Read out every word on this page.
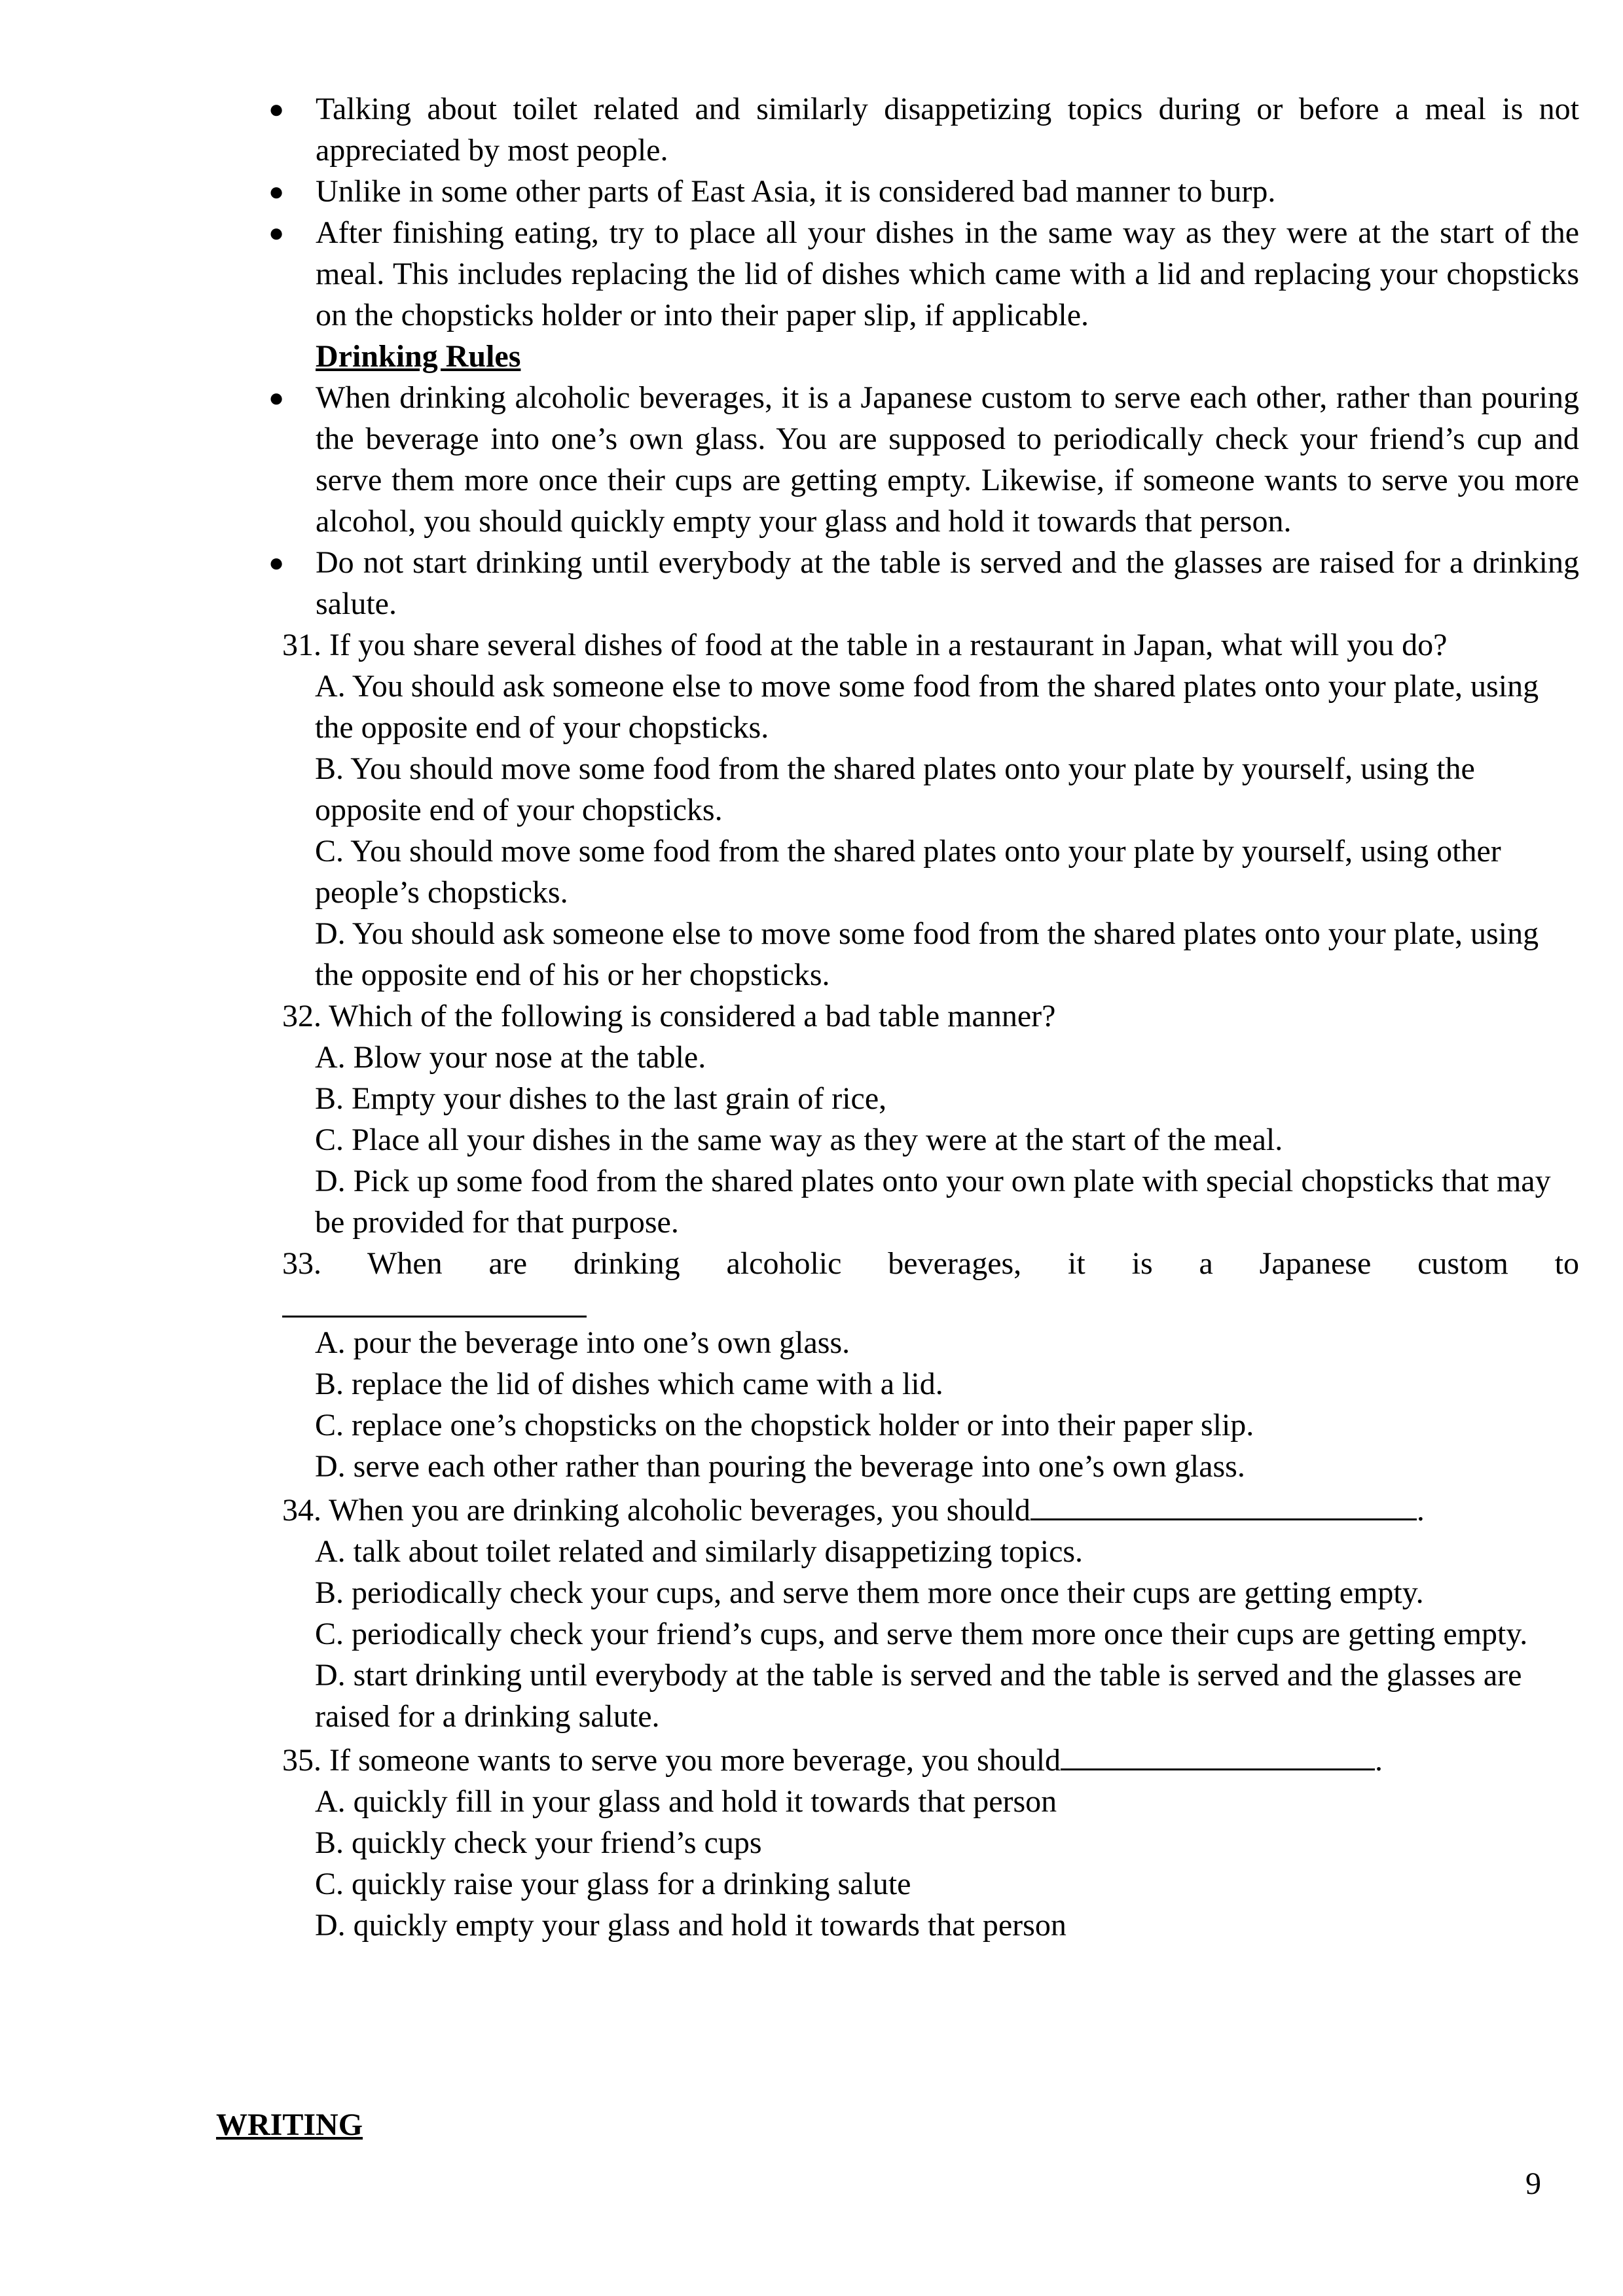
● Talking about toilet related and similarly disappetizing topics during or before a meal is not appreciated by most people.

● Unlike in some other parts of East Asia, it is considered bad manner to burp.

● After finishing eating, try to place all your dishes in the same way as they were at the start of the meal. This includes replacing the lid of dishes which came with a lid and replacing your chopsticks on the chopsticks holder or into their paper slip, if applicable.

Drinking Rules
● When drinking alcoholic beverages, it is a Japanese custom to serve each other, rather than pouring the beverage into one’s own glass. You are supposed to periodically check your friend’s cup and serve them more once their cups are getting empty. Likewise, if someone wants to serve you more alcohol, you should quickly empty your glass and hold it towards that person.

● Do not start drinking until everybody at the table is served and the glasses are raised for a drinking salute.

31. If you share several dishes of food at the table in a restaurant in Japan, what will you do?

A. You should ask someone else to move some food from the shared plates onto your plate, using the opposite end of your chopsticks.

B. You should move some food from the shared plates onto your plate by yourself, using the opposite end of your chopsticks.

C. You should move some food from the shared plates onto your plate by yourself, using other people’s chopsticks.

D. You should ask someone else to move some food from the shared plates onto your plate, using the opposite end of his or her chopsticks.

32. Which of the following is considered a bad table manner?

A. Blow your nose at the table.

B. Empty your dishes to the last grain of rice,

C. Place all your dishes in the same way as they were at the start of the meal.

D. Pick up some food from the shared plates onto your own plate with special chopsticks that may be provided for that purpose.

33. When are drinking alcoholic beverages, it is a Japanese custom to

A. pour the beverage into one’s own glass.

B. replace the lid of dishes which came with a lid.

C. replace one’s chopsticks on the chopstick holder or into their paper slip.

D. serve each other rather than pouring the beverage into one’s own glass.

34. When you are drinking alcoholic beverages, you should	.

A. talk about toilet related and similarly disappetizing topics.

B. periodically check your cups, and serve them more once their cups are getting empty.

C. periodically check your friend’s cups, and serve them more once their cups are getting empty.

D. start drinking until everybody at the table is served and the table is served and the glasses are raised for a drinking salute.

35. If someone wants to serve you more beverage, you should	.

A. quickly fill in your glass and hold it towards that person

B. quickly check your friend’s cups

C. quickly raise your glass for a drinking salute

D. quickly empty your glass and hold it towards that person

WRITING
9
